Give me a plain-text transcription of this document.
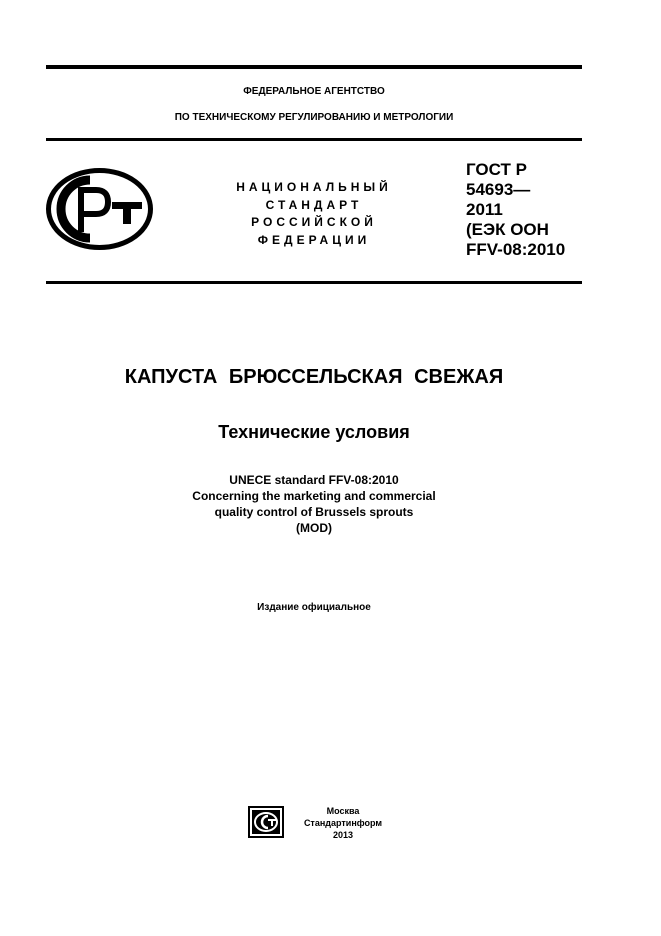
ФЕДЕРАЛЬНОЕ АГЕНТСТВО
ПО ТЕХНИЧЕСКОМУ РЕГУЛИРОВАНИЮ И МЕТРОЛОГИИ
НАЦИОНАЛЬНЫЙ
СТАНДАРТ
РОССИЙСКОЙ
ФЕДЕРАЦИИ
ГОСТ Р
54693—
2011
(ЕЭК ООН
FFV-08:2010
КАПУСТА БРЮССЕЛЬСКАЯ СВЕЖАЯ
Технические условия
UNECE standard FFV-08:2010
Concerning the marketing and commercial
quality control of Brussels sprouts
(MOD)
Издание официальное
Москва
Стандартинформ
2013
